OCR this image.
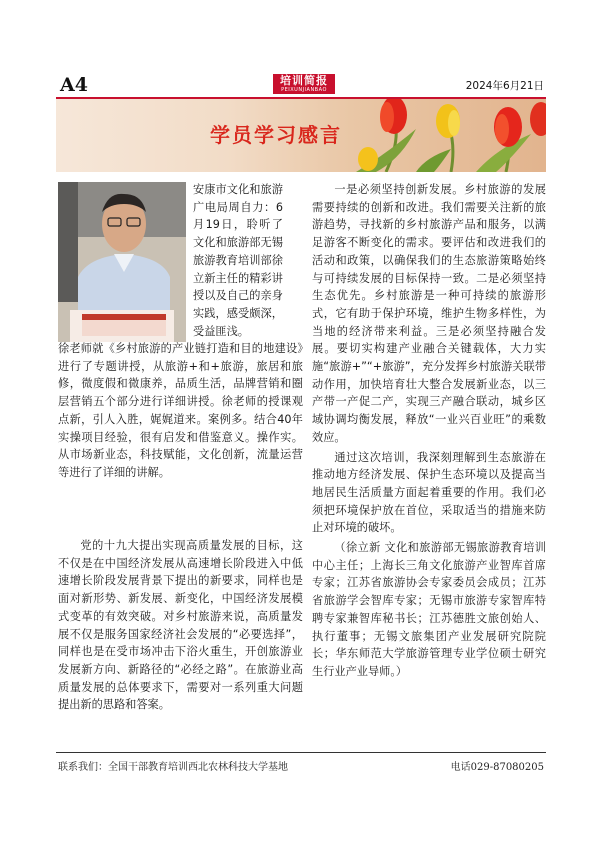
A4	培训简报
PEIXUNJIANBAO	2024年6月21日
学员学习感言

安康市文化和旅游广电局周自力：6月19日，聆听了文化和旅游部无锡旅游教育培训部徐立新主任的精彩讲授以及自己的亲身实践，感受颇深，受益匪浅。

徐老师就《乡村旅游的产业链打造和目的地建设》进行了专题讲授，从旅游+和+旅游，旅居和旅修，微度假和微康养，品质生活，品牌营销和圈层营销五个部分进行详细讲授。徐老师的授课观点新，引人入胜，娓娓道来。案例多。结合40年实操项目经验，很有启发和借鉴意义。操作实。从市场新业态，科技赋能，文化创新，流量运营等进行了详细的讲解。

党的十九大提出实现高质量发展的目标，这不仅是在中国经济发展从高速增长阶段进入中低速增长阶段发展背景下提出的新要求，同样也是面对新形势、新发展、新变化，中国经济发展模式变革的有效突破。对乡村旅游来说，高质量发展不仅是服务国家经济社会发展的“必要选择”，同样也是在受市场冲击下浴火重生，开创旅游业发展新方向、新路径的“必经之路”。在旅游业高质量发展的总体要求下，需要对一系列重大问题提出新的思路和答案。

一是必须坚持创新发展。乡村旅游的发展需要持续的创新和改进。我们需要关注新的旅游趋势，寻找新的乡村旅游产品和服务，以满足游客不断变化的需求。要评估和改进我们的活动和政策，以确保我们的生态旅游策略始终与可持续发展的目标保持一致。二是必须坚持生态优先。乡村旅游是一种可持续的旅游形式，它有助于保护环境，维护生物多样性，为当地的经济带来利益。三是必须坚持融合发展。要切实构建产业融合关键载体，大力实施“旅游+”“+旅游”，充分发挥乡村旅游关联带动作用，加快培育壮大整合发展新业态，以三产带一产促二产，实现三产融合联动，城乡区域协调均衡发展，释放“一业兴百业旺”的乘数效应。

通过这次培训，我深刻理解到生态旅游在推动地方经济发展、保护生态环境以及提高当地居民生活质量方面起着重要的作用。我们必须把环境保护放在首位，采取适当的措施来防止对环境的破坏。

（徐立新 文化和旅游部无锡旅游教育培训中心主任；上海长三角文化旅游产业智库首席专家；江苏省旅游协会专家委员会成员；江苏省旅游学会智库专家；无锡市旅游专家智库特聘专家兼智库秘书长；江苏德胜文旅创始人、执行董事；无锡文旅集团产业发展研究院院长；华东师范大学旅游管理专业学位硕士研究生行业产业导师。）

联系我们：全国干部教育培训西北农林科技大学基地	电话029-87080205
